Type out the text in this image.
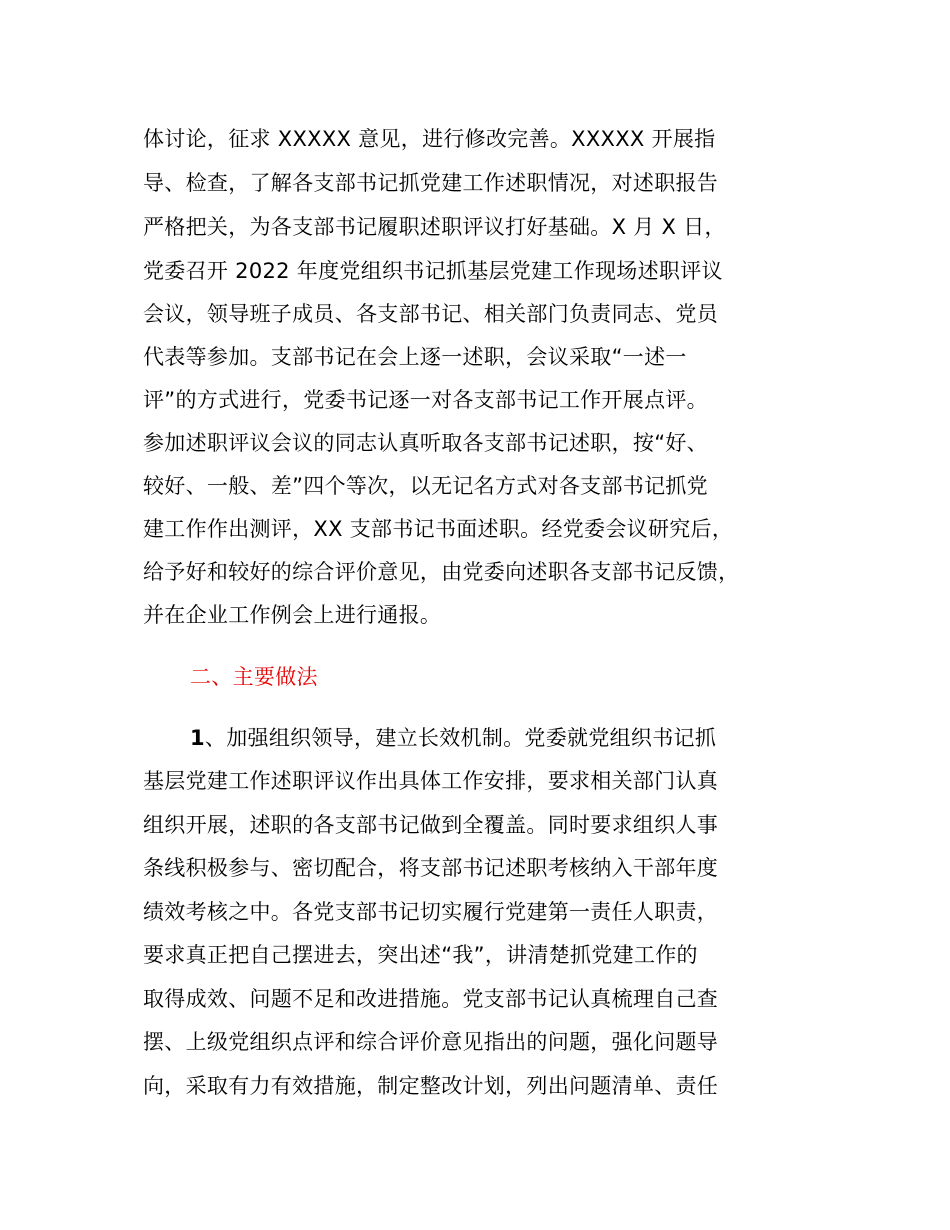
体讨论，征求 XXXXX 意见，进行修改完善。XXXXX 开展指
导、检查，了解各支部书记抓党建工作述职情况，对述职报告
严格把关，为各支部书记履职述职评议打好基础。X 月 X 日，
党委召开 2022 年度党组织书记抓基层党建工作现场述职评议
会议，领导班子成员、各支部书记、相关部门负责同志、党员
代表等参加。支部书记在会上逐一述职，会议采取“一述一
评”的方式进行，党委书记逐一对各支部书记工作开展点评。
参加述职评议会议的同志认真听取各支部书记述职，按“好、
较好、一般、差”四个等次，以无记名方式对各支部书记抓党
建工作作出测评，XX 支部书记书面述职。经党委会议研究后，
给予好和较好的综合评价意见，由党委向述职各支部书记反馈，
并在企业工作例会上进行通报。
二、主要做法
1、加强组织领导，建立长效机制。党委就党组织书记抓
基层党建工作述职评议作出具体工作安排，要求相关部门认真
组织开展，述职的各支部书记做到全覆盖。同时要求组织人事
条线积极参与、密切配合，将支部书记述职考核纳入干部年度
绩效考核之中。各党支部书记切实履行党建第一责任人职责，
要求真正把自己摆进去，突出述“我”，讲清楚抓党建工作的
取得成效、问题不足和改进措施。党支部书记认真梳理自己查
摆、上级党组织点评和综合评价意见指出的问题，强化问题导
向，采取有力有效措施，制定整改计划，列出问题清单、责任
